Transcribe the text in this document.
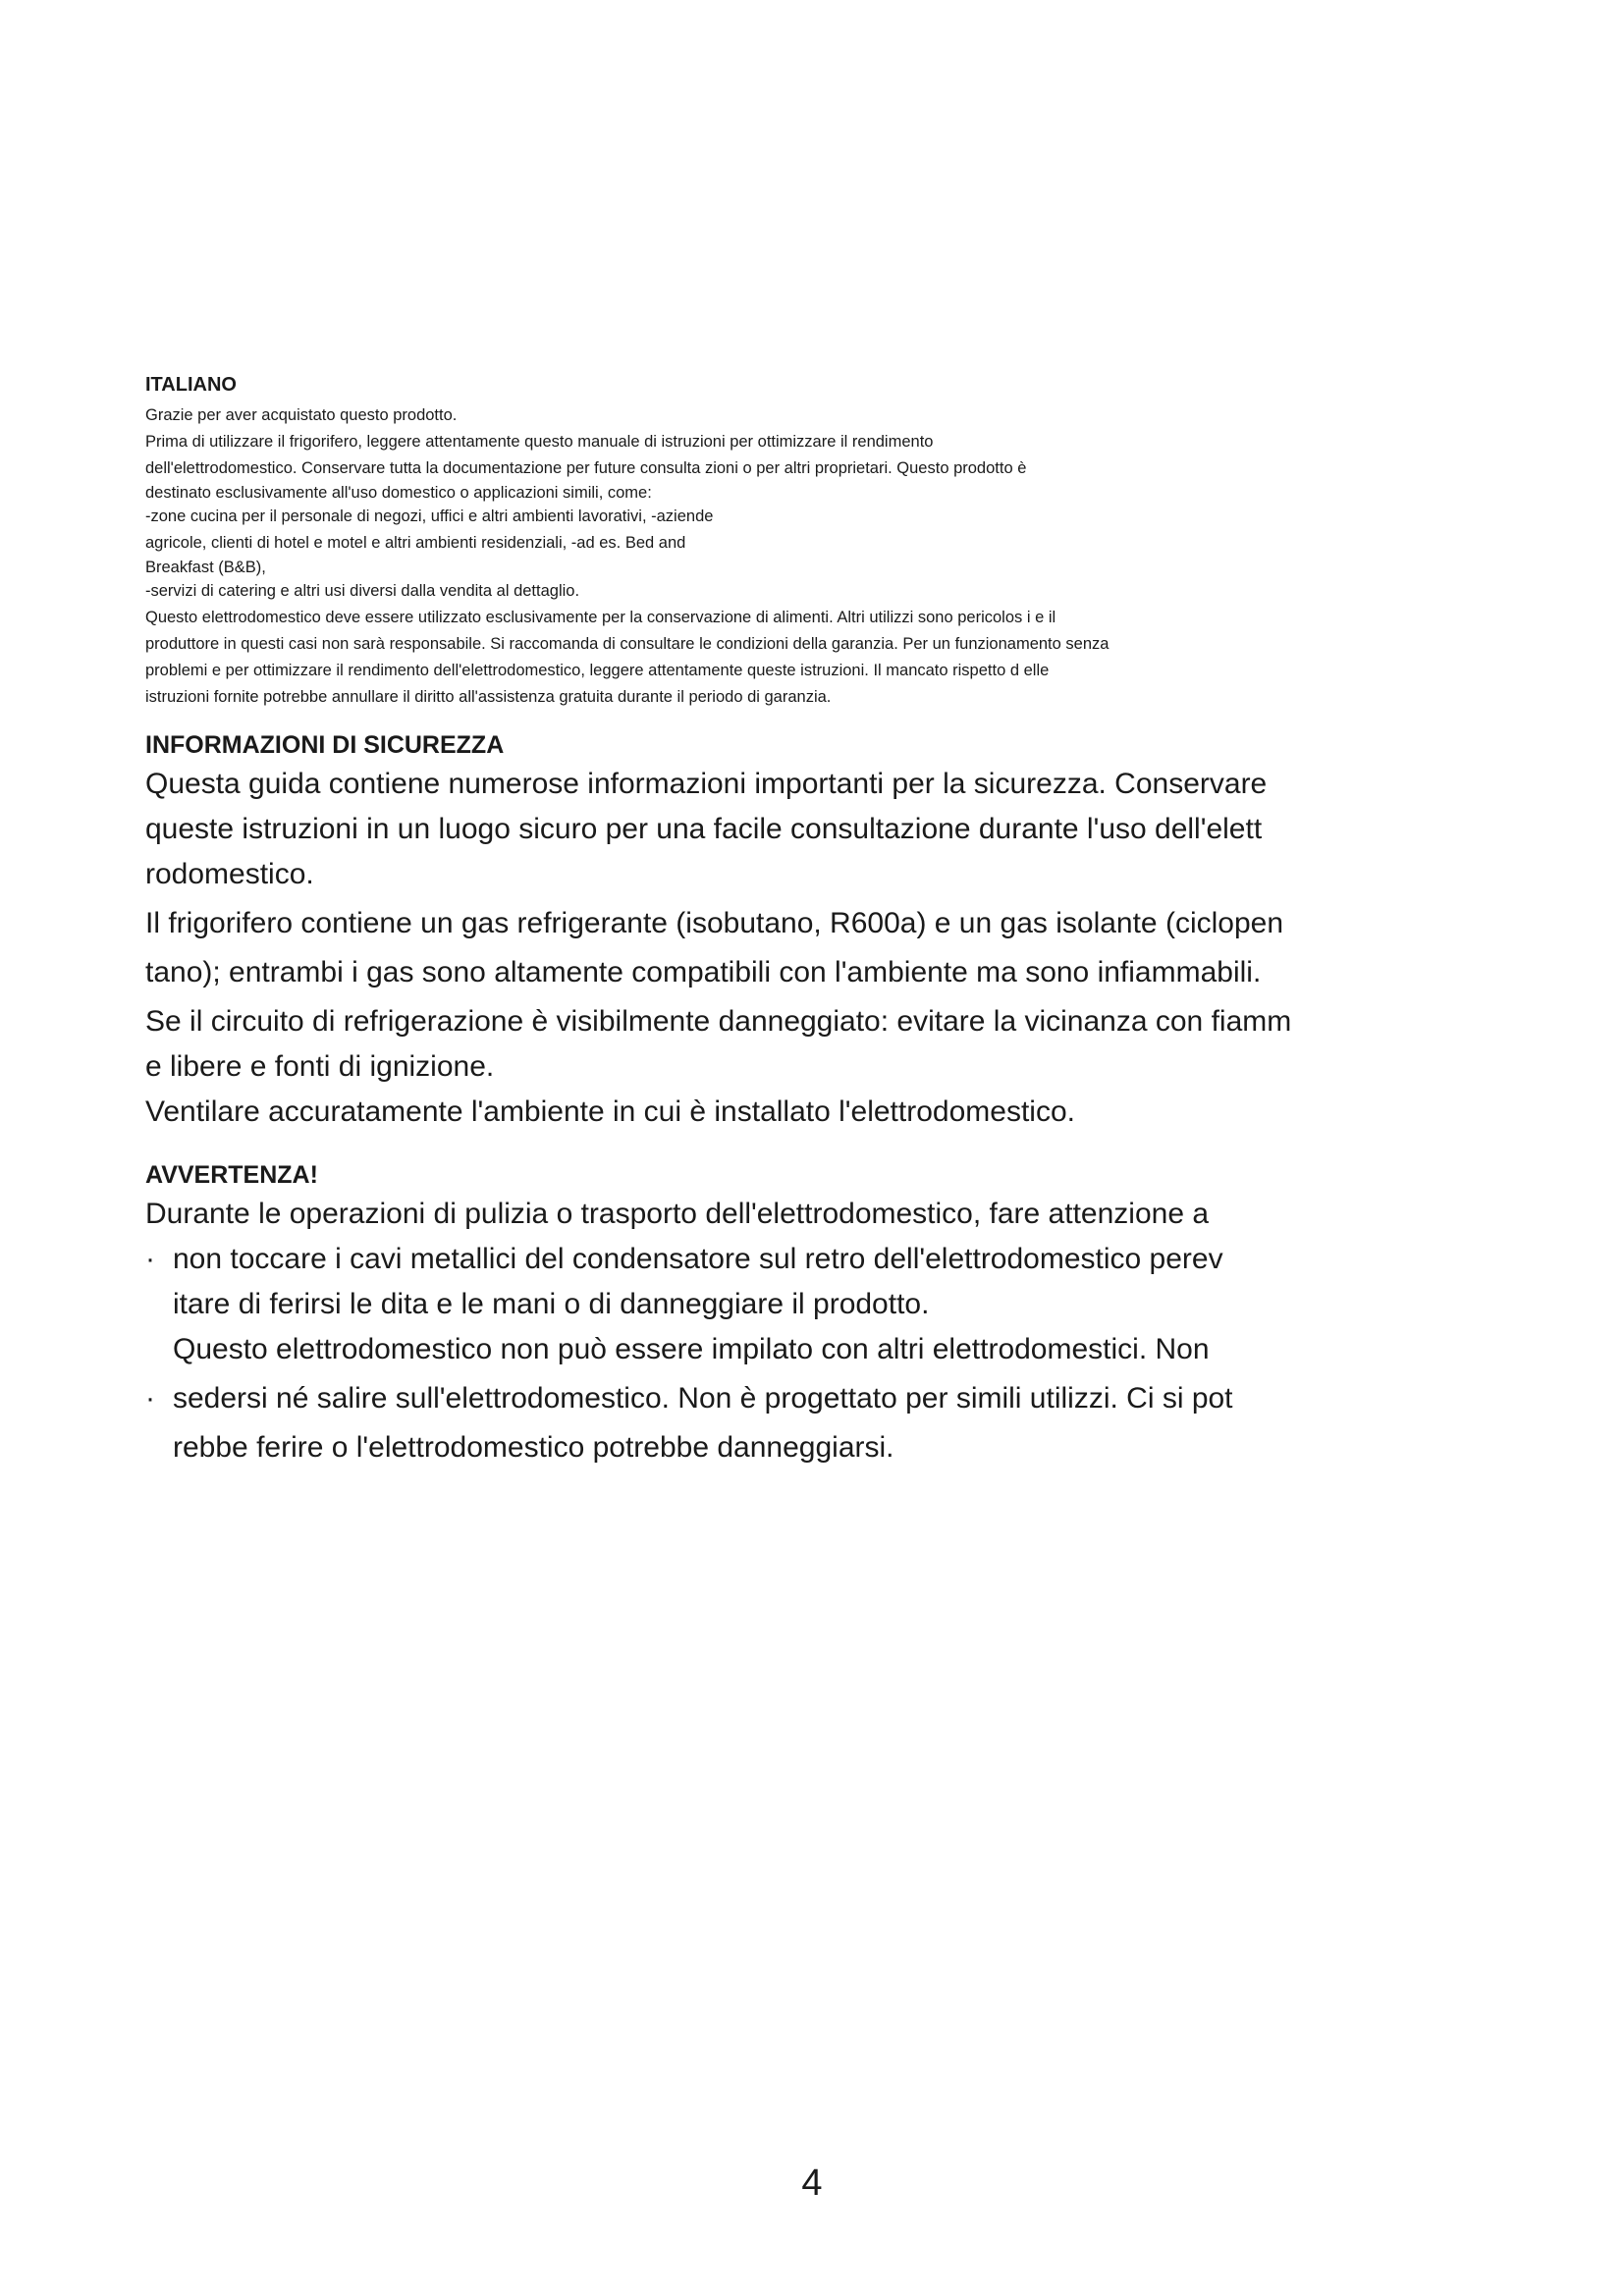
ITALIANO

Grazie per aver acquistato questo prodotto.

Prima di utilizzare il frigorifero, leggere attentamente questo manuale di istruzioni per ottimizzare il rendimento

dell'elettrodomestico. Conservare tutta la documentazione per future consulta zioni o per altri proprietari. Questo prodotto è

destinato esclusivamente all'uso domestico o applicazioni simili, come:

-zone cucina per il personale di negozi, uffici e altri ambienti lavorativi, -aziende

agricole, clienti di hotel e motel e altri ambienti residenziali, -ad es. Bed and

Breakfast (B&B),

-servizi di catering e altri usi diversi dalla vendita al dettaglio.

Questo elettrodomestico deve essere utilizzato esclusivamente per la conservazione di alimenti. Altri utilizzi sono pericolos i e il

produttore in questi casi non sarà responsabile. Si raccomanda di consultare le condizioni della garanzia. Per un funzionamento senza

problemi e per ottimizzare il rendimento dell'elettrodomestico, leggere attentamente queste istruzioni. Il mancato rispetto d elle

istruzioni fornite potrebbe annullare il diritto all'assistenza gratuita durante il periodo di garanzia.

INFORMAZIONI DI SICUREZZA

Questa guida contiene numerose informazioni importanti per la sicurezza. Conservare

queste istruzioni in un luogo sicuro per una facile consultazione durante l'uso dell'elett

rodomestico.

Il frigorifero contiene un gas refrigerante (isobutano, R600a) e un gas isolante (ciclopen

tano); entrambi i gas sono altamente compatibili con l'ambiente ma sono infiammabili.

Se il circuito di refrigerazione è visibilmente danneggiato: evitare la vicinanza con fiamm

e libere e fonti di ignizione.

Ventilare accuratamente l'ambiente in cui è installato l'elettrodomestico.

AVVERTENZA!

Durante le operazioni di pulizia o trasporto dell'elettrodomestico, fare attenzione a

· non toccare i cavi metallici del condensatore sul retro dell'elettrodomestico perev

itare di ferirsi le dita e le mani o di danneggiare il prodotto.

Questo elettrodomestico non può essere impilato con altri elettrodomestici. Non

· sedersi né salire sull'elettrodomestico. Non è progettato per simili utilizzi. Ci si pot

rebbe ferire o l'elettrodomestico potrebbe danneggiarsi.

4
